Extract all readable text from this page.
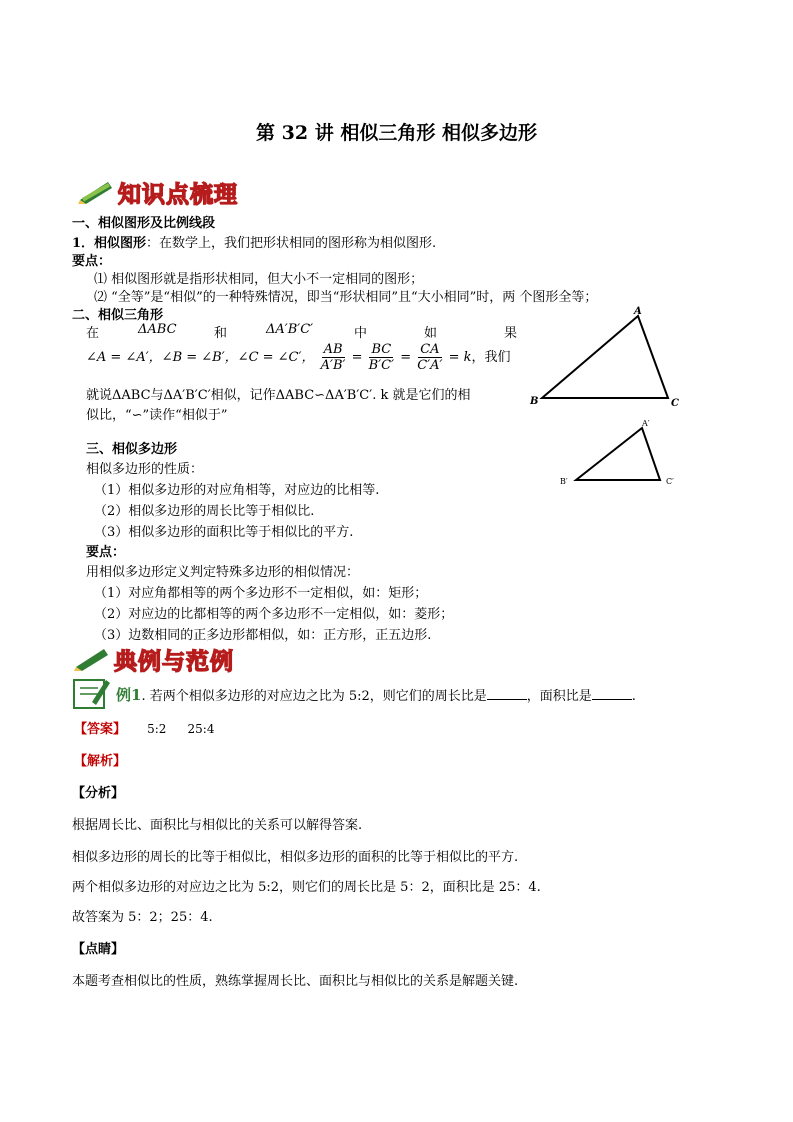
第 32 讲 相似三角形 相似多边形
知识点梳理
一、相似图形及比例线段
1．相似图形：在数学上，我们把形状相同的图形称为相似图形.
要点：
⑴ 相似图形就是指形状相同，但大小不一定相同的图形；
⑵ “全等”是“相似”的一种特殊情况，即当“形状相同”且“大小相同”时，两 个图形全等；
二、相似三角形
在	ΔABC	和	ΔA′B′C′	中	如	果
∠A = ∠A′，∠B = ∠B′，∠C = ∠C′， $\frac{AB}{A'B'} = \frac{BC}{B'C'} = \frac{CA}{C'A'} = k$，我们
就说ΔABC与ΔA′B′C′相似，记作ΔABC∽ΔA′B′C′. k 就是它们的相
似比，“∽”读作“相似于”
A
B	C
A′
B′	C′
三、相似多边形
相似多边形的性质：
（1）相似多边形的对应角相等，对应边的比相等.
（2）相似多边形的周长比等于相似比.
（3）相似多边形的面积比等于相似比的平方.
要点：
用相似多边形定义判定特殊多边形的相似情况：
（1）对应角都相等的两个多边形不一定相似，如：矩形；
（2）对应边的比都相等的两个多边形不一定相似，如：菱形；
（3）边数相同的正多边形都相似，如：正方形，正五边形.
典例与范例
例1. 若两个相似多边形的对应边之比为 5:2，则它们的周长比是	，面积比是	.
【答案】 5:2 25:4
【解析】
【分析】
根据周长比、面积比与相似比的关系可以解得答案.
相似多边形的周长的比等于相似比，相似多边形的面积的比等于相似比的平方.
两个相似多边形的对应边之比为 5:2，则它们的周长比是 5：2，面积比是 25：4.
故答案为 5：2；25：4.
【点睛】
本题考查相似比的性质，熟练掌握周长比、面积比与相似比的关系是解题关键.
